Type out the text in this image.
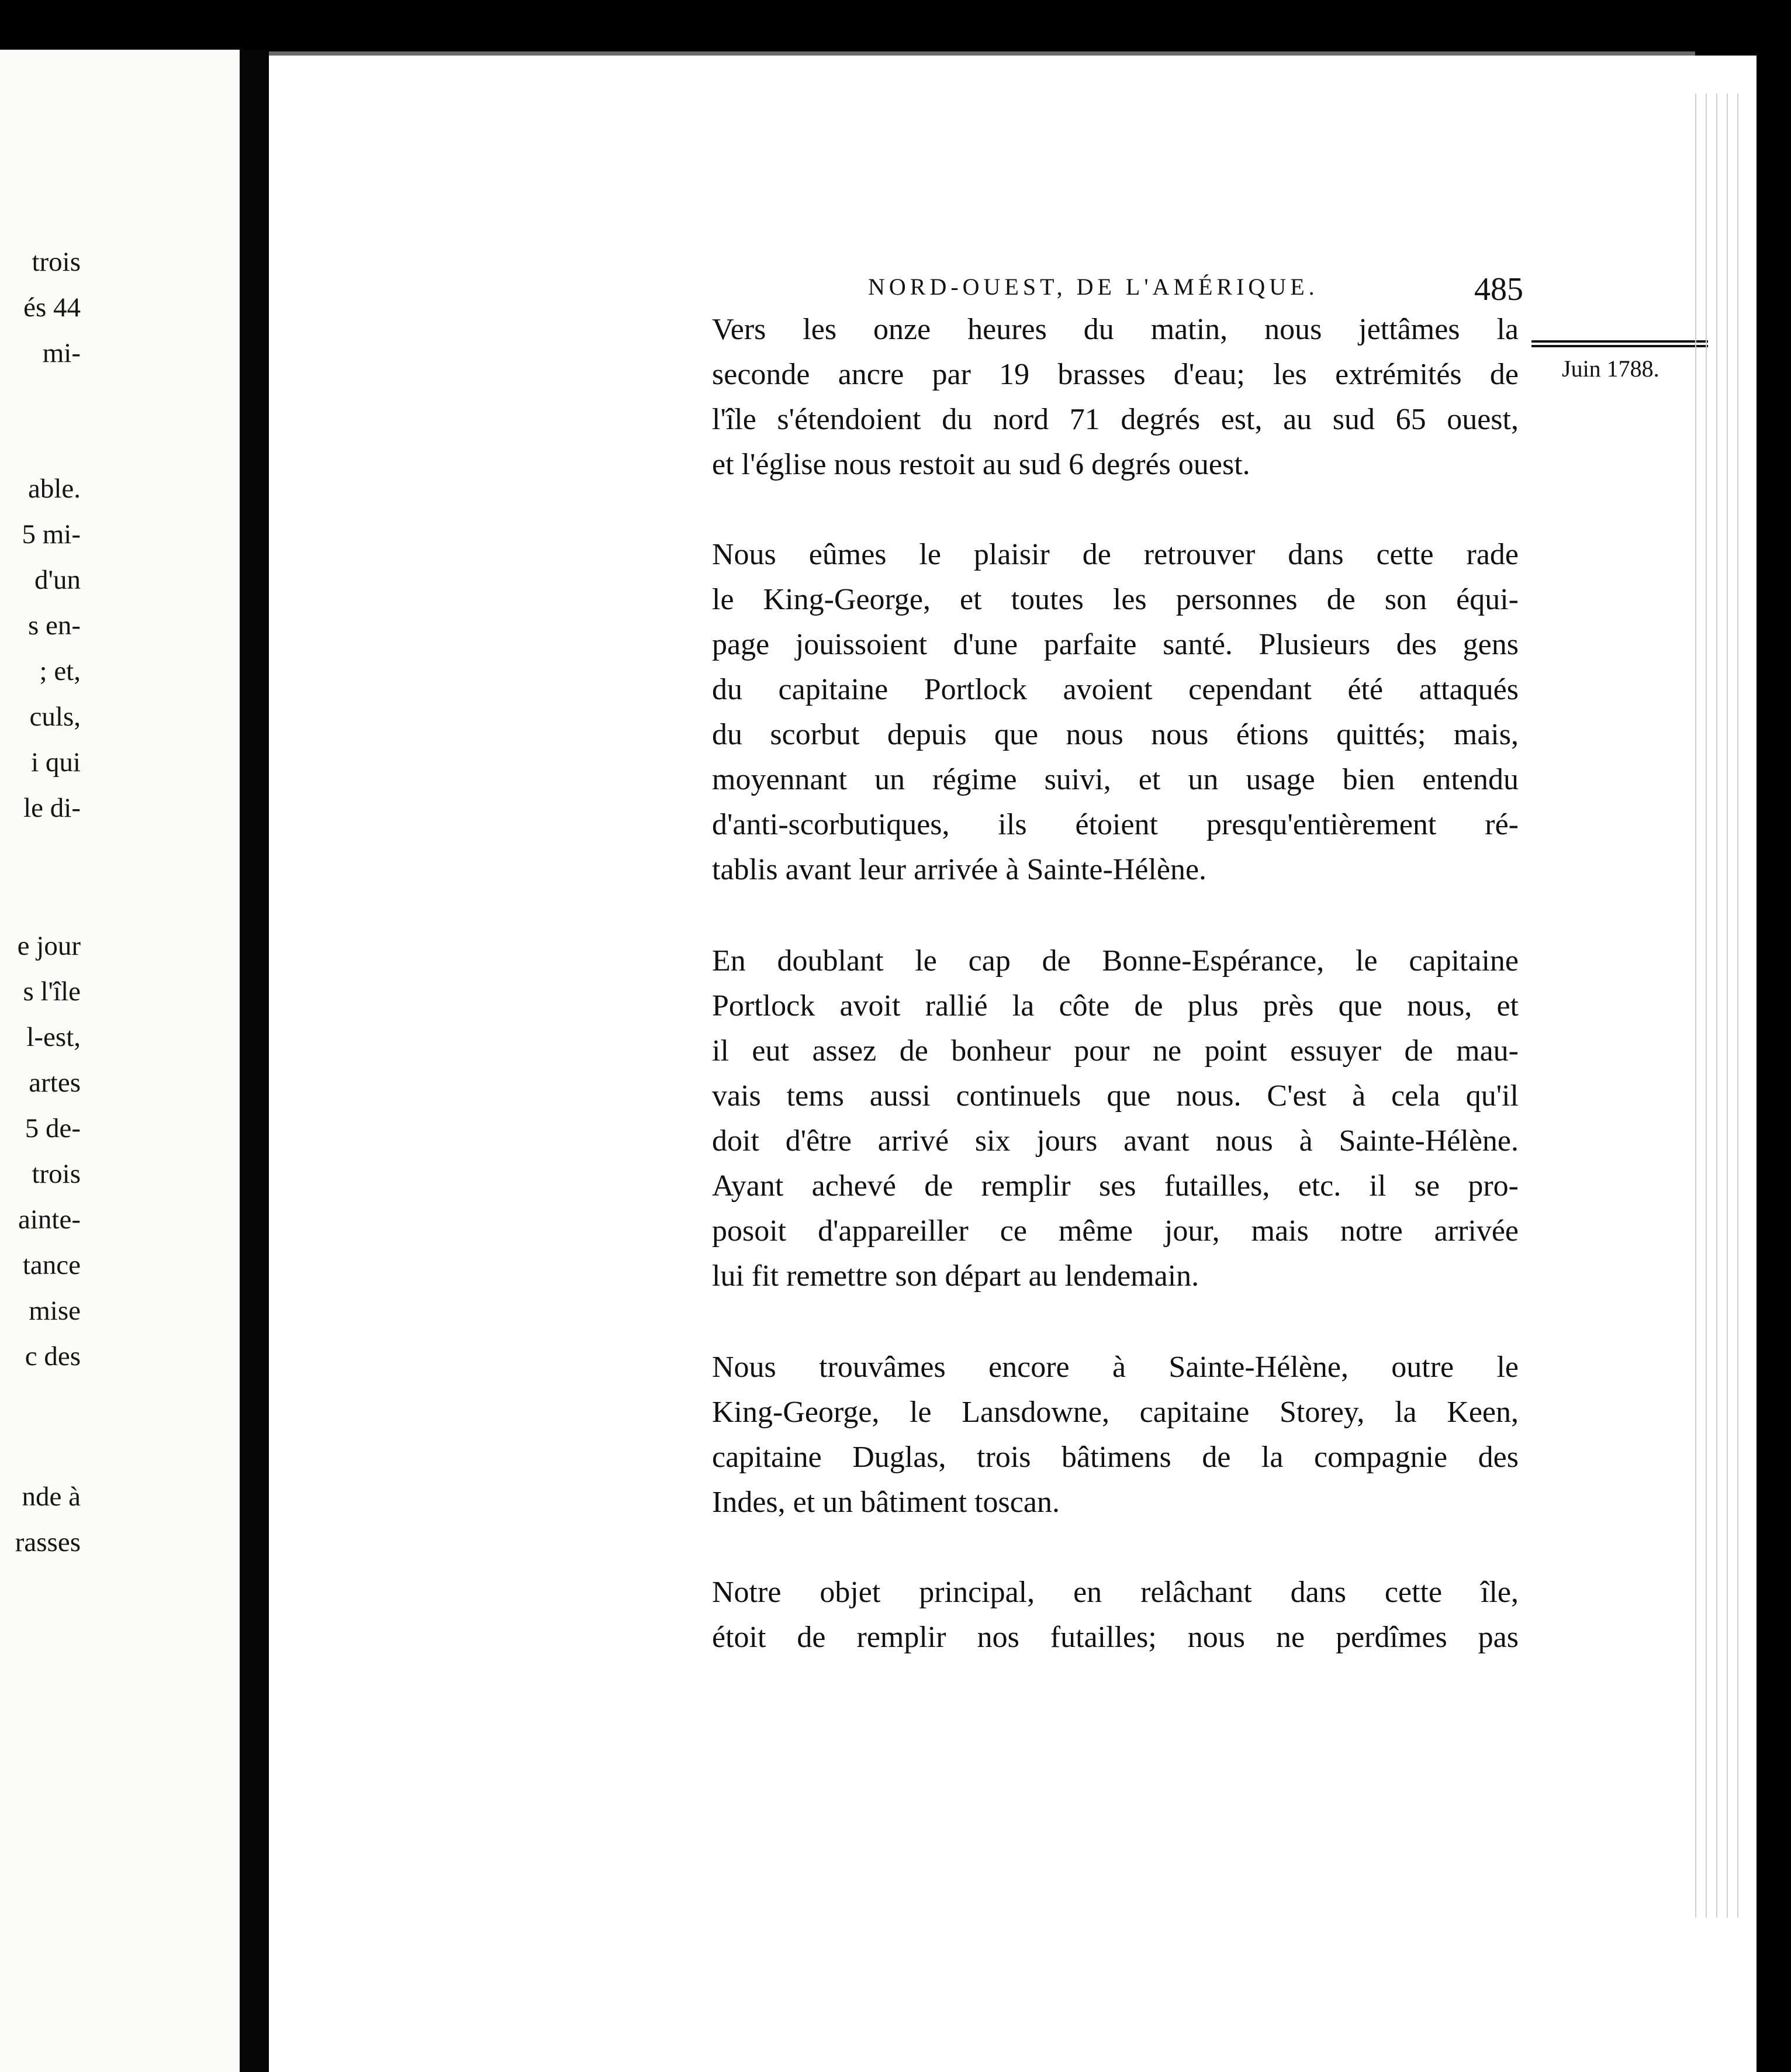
trois
és 44
mi-
able.
5 mi-
d'un
s en-
; et,
culs,
i qui
le di-
e jour
s l'île
l-est,
artes
5 de-
trois
ainte-
tance
mise
c des
nde à
rasses
NORD-OUEST, DE L'AMÉRIQUE.	485
Juin 1788.

Vers les onze heures du matin, nous jettâmes la
seconde ancre par 19 brasses d'eau; les extrémités de
l'île s'étendoient du nord 71 degrés est, au sud 65 ouest,
et l'église nous restoit au sud 6 degrés ouest.

Nous eûmes le plaisir de retrouver dans cette rade
le King-George, et toutes les personnes de son équi-
page jouissoient d'une parfaite santé. Plusieurs des gens
du capitaine Portlock avoient cependant été attaqués
du scorbut depuis que nous nous étions quittés; mais,
moyennant un régime suivi, et un usage bien entendu
d'anti-scorbutiques, ils étoient presqu'entièrement ré-
tablis avant leur arrivée à Sainte-Hélène.

En doublant le cap de Bonne-Espérance, le capitaine
Portlock avoit rallié la côte de plus près que nous, et
il eut assez de bonheur pour ne point essuyer de mau-
vais tems aussi continuels que nous. C'est à cela qu'il
doit d'être arrivé six jours avant nous à Sainte-Hélène.
Ayant achevé de remplir ses futailles, etc. il se pro-
posoit d'appareiller ce même jour, mais notre arrivée
lui fit remettre son départ au lendemain.

Nous trouvâmes encore à Sainte-Hélène, outre le
King-George, le Lansdowne, capitaine Storey, la Keen,
capitaine Duglas, trois bâtimens de la compagnie des
Indes, et un bâtiment toscan.

Notre objet principal, en relâchant dans cette île,
étoit de remplir nos futailles; nous ne perdîmes pas
